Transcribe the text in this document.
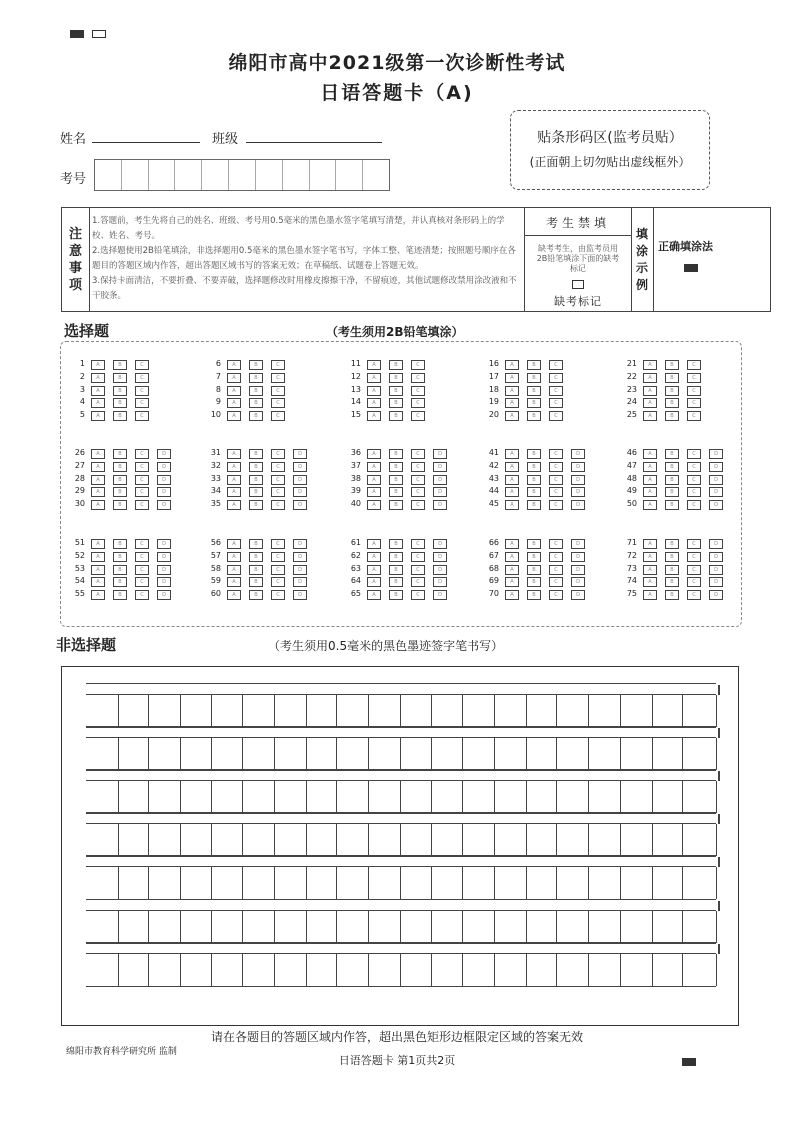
绵阳市高中2021级第一次诊断性考试
日语答题卡（A)
贴条形码区(监考员贴）
(正面朝上切勿贴出虚线框外）
姓名	班级
考号
注
意
事
项
1.答题前，考生先将自己的姓名、班级、考号用0.5毫米的黑色墨水签字笔填写清楚，并认真核对条形码上的学校、姓名、考号。
2.选择题使用2B铅笔填涂，非选择题用0.5毫米的黑色墨水签字笔书写，字体工整、笔迹清楚；按照题号顺序在各题目的答题区域内作答，超出答题区域书写的答案无效；在草稿纸、试题卷上答题无效。
3.保持卡面清洁，不要折叠、不要弄破，选择题修改时用橡皮擦擦干净，不留痕迹，其他试题修改禁用涂改液和不干胶条。
考生禁填
缺考考生，由监考员用2B铅笔填涂下面的缺考标记
缺考标记
填
涂
示
例
正确填涂法
选择题	（考生须用2B铅笔填涂）
1	A	B	C
2	A	B	C
3	A	B	C
4	A	B	C
5	A	B	C
6	A	B	C
7	A	B	C
8	A	B	C
9	A	B	C
10	A	B	C
11	A	B	C
12	A	B	C
13	A	B	C
14	A	B	C
15	A	B	C
16	A	B	C
17	A	B	C
18	A	B	C
19	A	B	C
20	A	B	C
21	A	B	C
22	A	B	C
23	A	B	C
24	A	B	C
25	A	B	C
26	A	B	C	D
27	A	B	C	D
28	A	B	C	D
29	A	B	C	D
30	A	B	C	D
31	A	B	C	D
32	A	B	C	D
33	A	B	C	D
34	A	B	C	D
35	A	B	C	D
36	A	B	C	D
37	A	B	C	D
38	A	B	C	D
39	A	B	C	D
40	A	B	C	D
41	A	B	C	D
42	A	B	C	D
43	A	B	C	D
44	A	B	C	D
45	A	B	C	D
46	A	B	C	D
47	A	B	C	D
48	A	B	C	D
49	A	B	C	D
50	A	B	C	D
51	A	B	C	D
52	A	B	C	D
53	A	B	C	D
54	A	B	C	D
55	A	B	C	D
56	A	B	C	D
57	A	B	C	D
58	A	B	C	D
59	A	B	C	D
60	A	B	C	D
61	A	B	C	D
62	A	B	C	D
63	A	B	C	D
64	A	B	C	D
65	A	B	C	D
66	A	B	C	D
67	A	B	C	D
68	A	B	C	D
69	A	B	C	D
70	A	B	C	D
71	A	B	C	D
72	A	B	C	D
73	A	B	C	D
74	A	B	C	D
75	A	B	C	D
非选择题	（考生须用0.5毫米的黑色墨迹签字笔书写）
请在各题目的答题区域内作答，超出黑色矩形边框限定区域的答案无效
绵阳市教育科学研究所 监制
日语答题卡 第1页共2页
